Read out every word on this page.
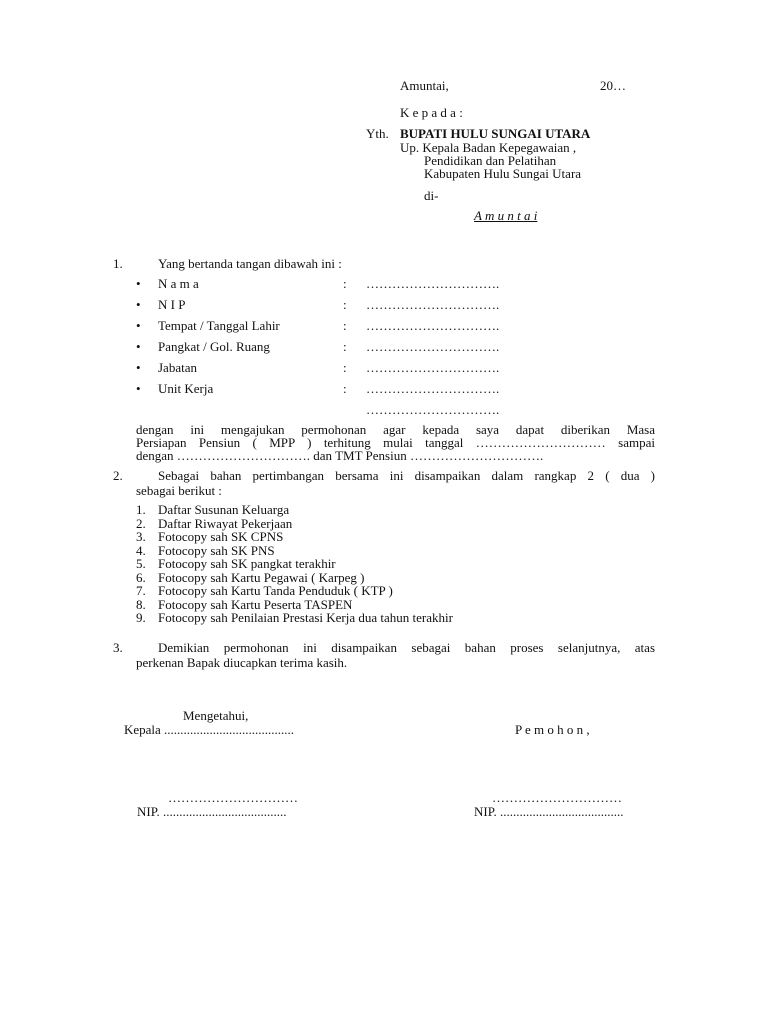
Amuntai,	20…
K e p a d a :
Yth. BUPATI HULU SUNGAI UTARA
Up. Kepala Badan Kepegawaian ,
Pendidikan dan Pelatihan
Kabupaten Hulu Sungai Utara
di-
A m u n t a i
1.	Yang bertanda tangan dibawah ini :
• N a m a	: ………………………….
• N I P	: ………………………….
• Tempat / Tanggal Lahir	: ………………………….
• Pangkat / Gol. Ruang	: ………………………….
• Jabatan	: ………………………….
• Unit Kerja	: ………………………….
………………………….
dengan ini mengajukan permohonan agar kepada saya dapat diberikan Masa
Persiapan Pensiun ( MPP ) terhitung mulai tanggal ………………………… sampai
dengan …………………………. dan TMT Pensiun ………………………….
2.	Sebagai bahan pertimbangan bersama ini disampaikan dalam rangkap 2 ( dua )
sebagai berikut :
1. Daftar Susunan Keluarga
2. Daftar Riwayat Pekerjaan
3. Fotocopy sah SK CPNS
4. Fotocopy sah SK PNS
5. Fotocopy sah SK pangkat terakhir
6. Fotocopy sah Kartu Pegawai ( Karpeg )
7. Fotocopy sah Kartu Tanda Penduduk ( KTP )
8. Fotocopy sah Kartu Peserta TASPEN
9. Fotocopy sah Penilaian Prestasi Kerja dua tahun terakhir
3.	Demikian permohonan ini disampaikan sebagai bahan proses selanjutnya, atas
perkenan Bapak diucapkan terima kasih.
Mengetahui,
Kepala ........................................	P e m o h o n ,
…………………………
NIP. ......................................
…………………………
NIP. ......................................
